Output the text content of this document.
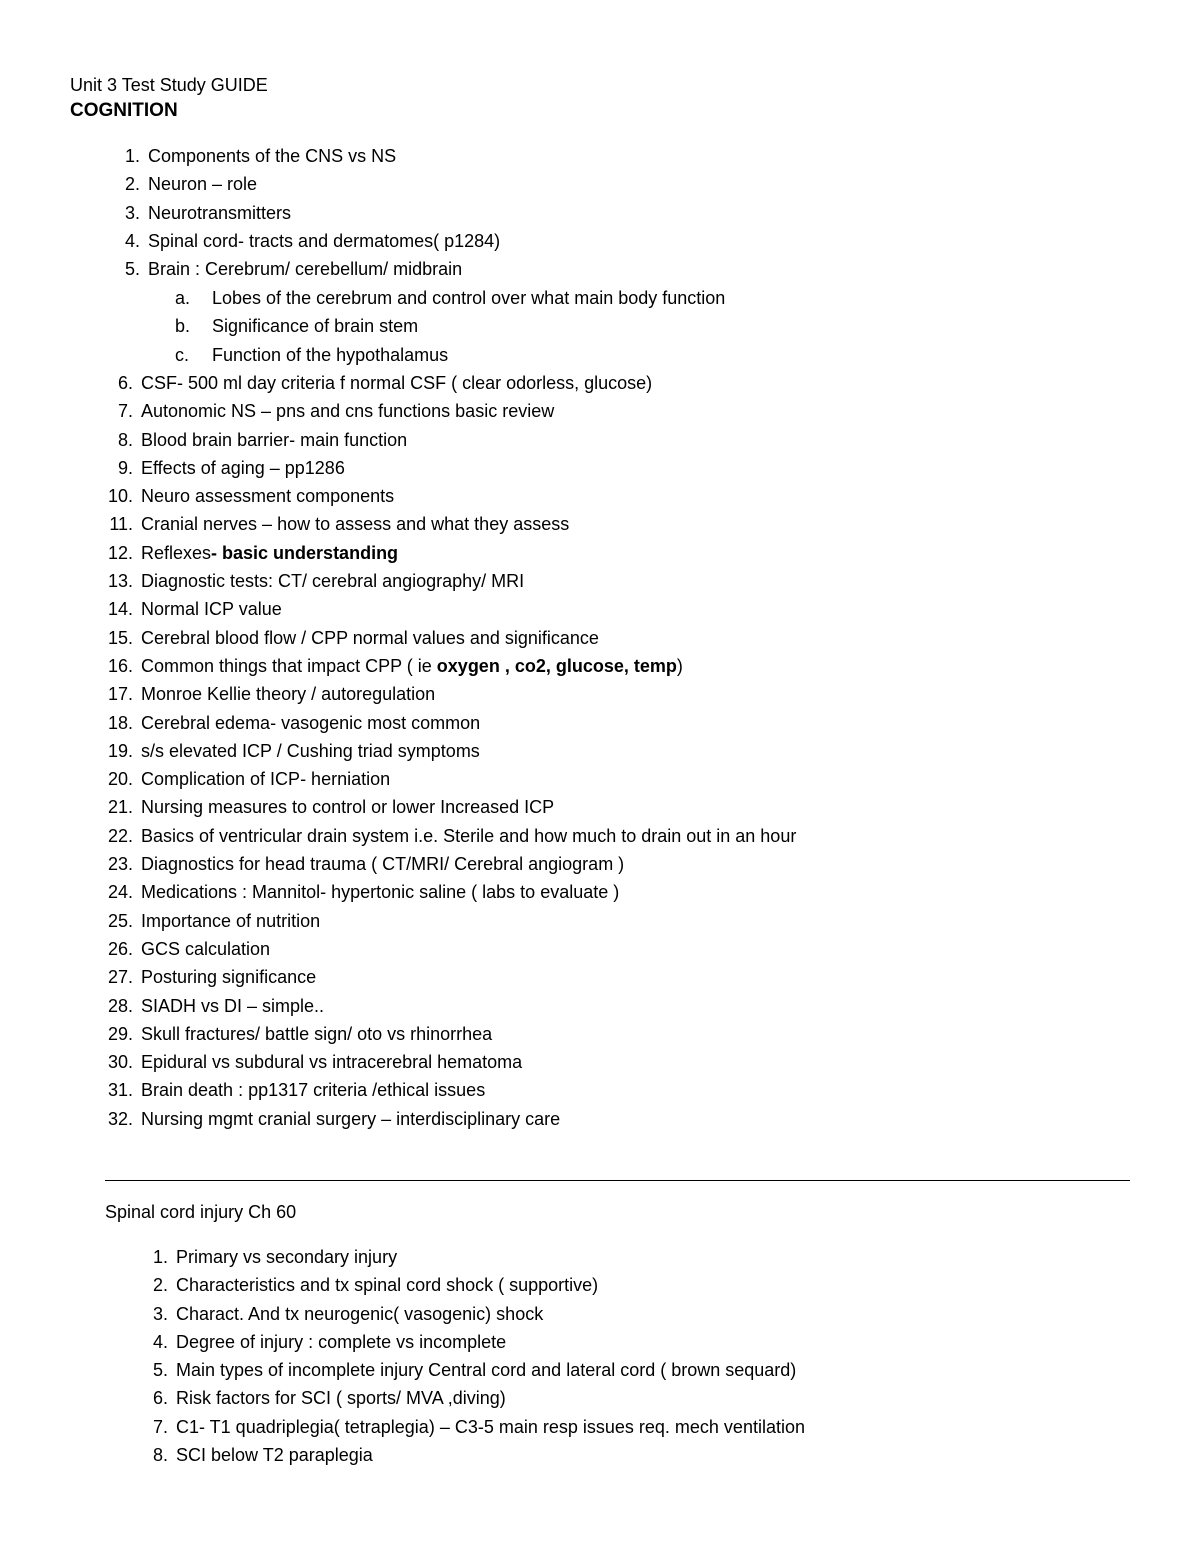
Unit 3 Test Study GUIDE
COGNITION
1. Components of the CNS vs NS
2. Neuron – role
3. Neurotransmitters
4. Spinal cord- tracts and dermatomes( p1284)
5. Brain : Cerebrum/ cerebellum/ midbrain
a. Lobes of the cerebrum and control over what main body function
b. Significance of brain stem
c. Function of the hypothalamus
6. CSF- 500 ml day criteria f normal CSF ( clear odorless, glucose)
7. Autonomic NS – pns and cns functions basic review
8. Blood brain barrier- main function
9. Effects of aging – pp1286
10. Neuro assessment components
11. Cranial nerves – how to assess and what they assess
12. Reflexes- basic understanding
13. Diagnostic tests: CT/ cerebral angiography/ MRI
14. Normal ICP value
15. Cerebral blood flow / CPP normal values and significance
16. Common things that impact CPP ( ie oxygen , co2, glucose, temp)
17. Monroe Kellie theory / autoregulation
18. Cerebral edema- vasogenic most common
19. s/s elevated ICP / Cushing triad symptoms
20. Complication of ICP- herniation
21. Nursing measures to control or lower Increased ICP
22. Basics of ventricular drain system i.e. Sterile and how much to drain out in an hour
23. Diagnostics for head trauma ( CT/MRI/ Cerebral angiogram )
24. Medications : Mannitol- hypertonic saline ( labs to evaluate )
25. Importance of nutrition
26. GCS calculation
27. Posturing significance
28. SIADH vs DI – simple..
29. Skull fractures/ battle sign/ oto vs rhinorrhea
30. Epidural vs subdural vs intracerebral hematoma
31. Brain death : pp1317 criteria /ethical issues
32. Nursing mgmt cranial surgery – interdisciplinary care
Spinal cord injury Ch 60
1. Primary vs secondary injury
2. Characteristics and tx spinal cord shock ( supportive)
3. Charact. And tx neurogenic( vasogenic) shock
4. Degree of injury : complete vs incomplete
5. Main types of incomplete injury Central cord and lateral cord ( brown sequard)
6. Risk factors for SCI ( sports/ MVA ,diving)
7. C1- T1 quadriplegia( tetraplegia) – C3-5 main resp issues req. mech ventilation
8. SCI below T2 paraplegia
